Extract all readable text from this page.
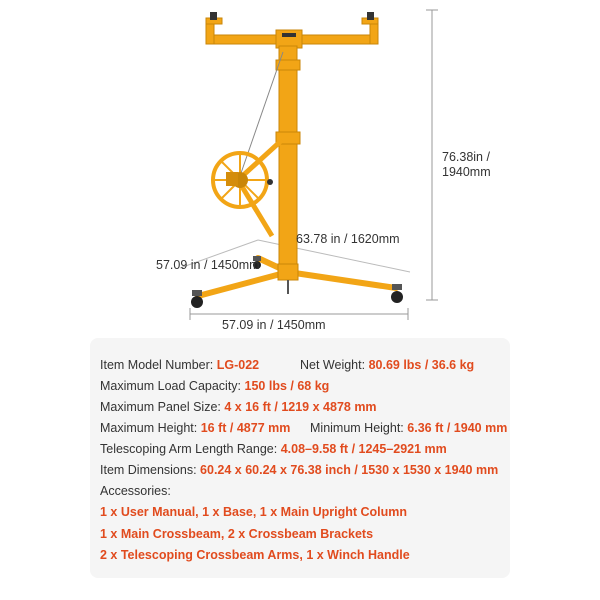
76.38in /
1940mm
63.78 in / 1620mm
57.09 in / 1450mm
57.09 in / 1450mm
Item Model Number: LG-022	Net Weight: 80.69 lbs / 36.6 kg
Maximum Load Capacity: 150 lbs / 68 kg
Maximum Panel Size: 4 x 16 ft / 1219 x 4878 mm
Maximum Height: 16 ft / 4877 mm Minimum Height: 6.36 ft / 1940 mm
Telescoping Arm Length Range: 4.08–9.58 ft / 1245–2921 mm
Item Dimensions: 60.24 x 60.24 x 76.38 inch / 1530 x 1530 x 1940 mm
Accessories:
1 x User Manual, 1 x Base, 1 x Main Upright Column
1 x Main Crossbeam, 2 x Crossbeam Brackets
2 x Telescoping Crossbeam Arms, 1 x Winch Handle
